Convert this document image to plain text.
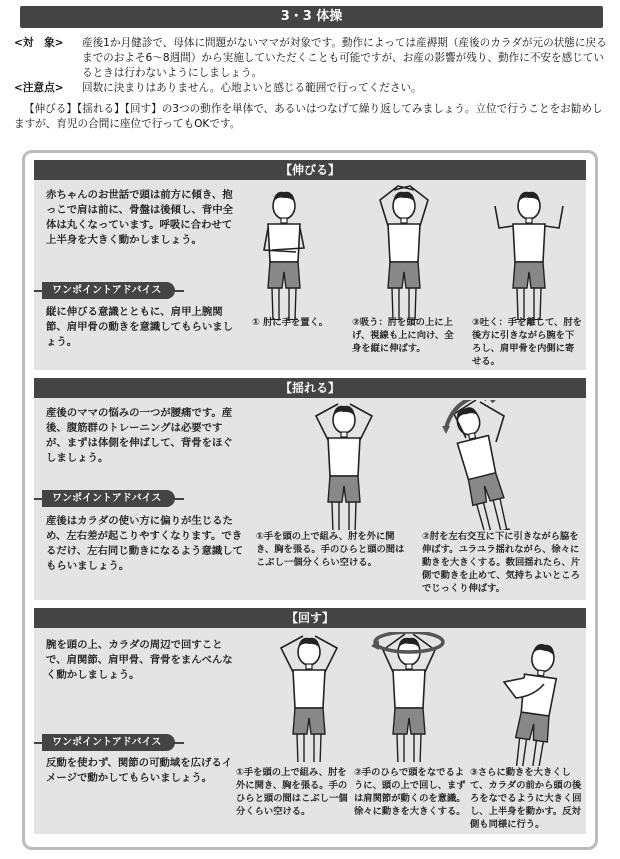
3・3 体操
<対　象>	産後1か月健診で、母体に問題がないママが対象です。動作によっては産褥期（産後のカラダが元の状態に戻るまでのおよそ6～8週間）から実施していただくことも可能ですが、お産の影響が残り、動作に不安を感じているときは行わないようにしましょう。
<注意点>	回数に決まりはありません。心地よいと感じる範囲で行ってください。
【伸びる】【揺れる】【回す】の3つの動作を単体で、あるいはつなげて繰り返してみましょう。立位で行うことをお勧めしますが、育児の合間に座位で行ってもOKです。
【伸びる】
赤ちゃんのお世話で頭は前方に傾き、抱っこで肩は前に、骨盤は後傾し、背中全体は丸くなっています。呼吸に合わせて上半身を大きく動かしましょう。
ワンポイントアドバイス
縦に伸びる意識とともに、肩甲上腕関節、肩甲骨の動きを意識してもらいましょう。
① 肘に手を置く。	②吸う：肘を頭の上に上げ、視線も上に向け、全身を縦に伸ばす。
③吐く：手を離して、肘を後方に引きながら腕を下ろし、肩甲骨を内側に寄せる。
【揺れる】
産後のママの悩みの一つが腰痛です。産後、腹筋群のトレーニングは必要ですが、まずは体側を伸ばして、背骨をほぐしましょう。
ワンポイントアドバイス
産後はカラダの使い方に偏りが生じるため、左右差が起こりやすくなります。できるだけ、左右同じ動きになるよう意識してもらいましょう。
①手を頭の上で組み、肘を外に開き、胸を張る。手のひらと頭の間はこぶし一個分くらい空ける。
②肘を左右交互に下に引きながら脇を伸ばす。ユラユラ揺れながら、徐々に動きを大きくする。数回揺れたら、片側で動きを止めて、気持ちよいところでじっくり伸ばす。
【回す】
腕を頭の上、カラダの周辺で回すことで、肩関節、肩甲骨、背骨をまんべんなく動かしましょう。
ワンポイントアドバイス
反動を使わず、関節の可動域を広げるイメージで動かしてもらいましょう。	①手を頭の上で組み、肘を外に開き、胸を張る。手のひらと頭の間はこぶし一個分くらい空ける。
②手のひらで頭をなでるように、頭の上で回し、まずは肩関節が動くのを意識。徐々に動きを大きくする。
③さらに動きを大きくして、カラダの前から頭の後ろをなでるように大きく回し、上半身を動かす。反対側も同様に行う。
